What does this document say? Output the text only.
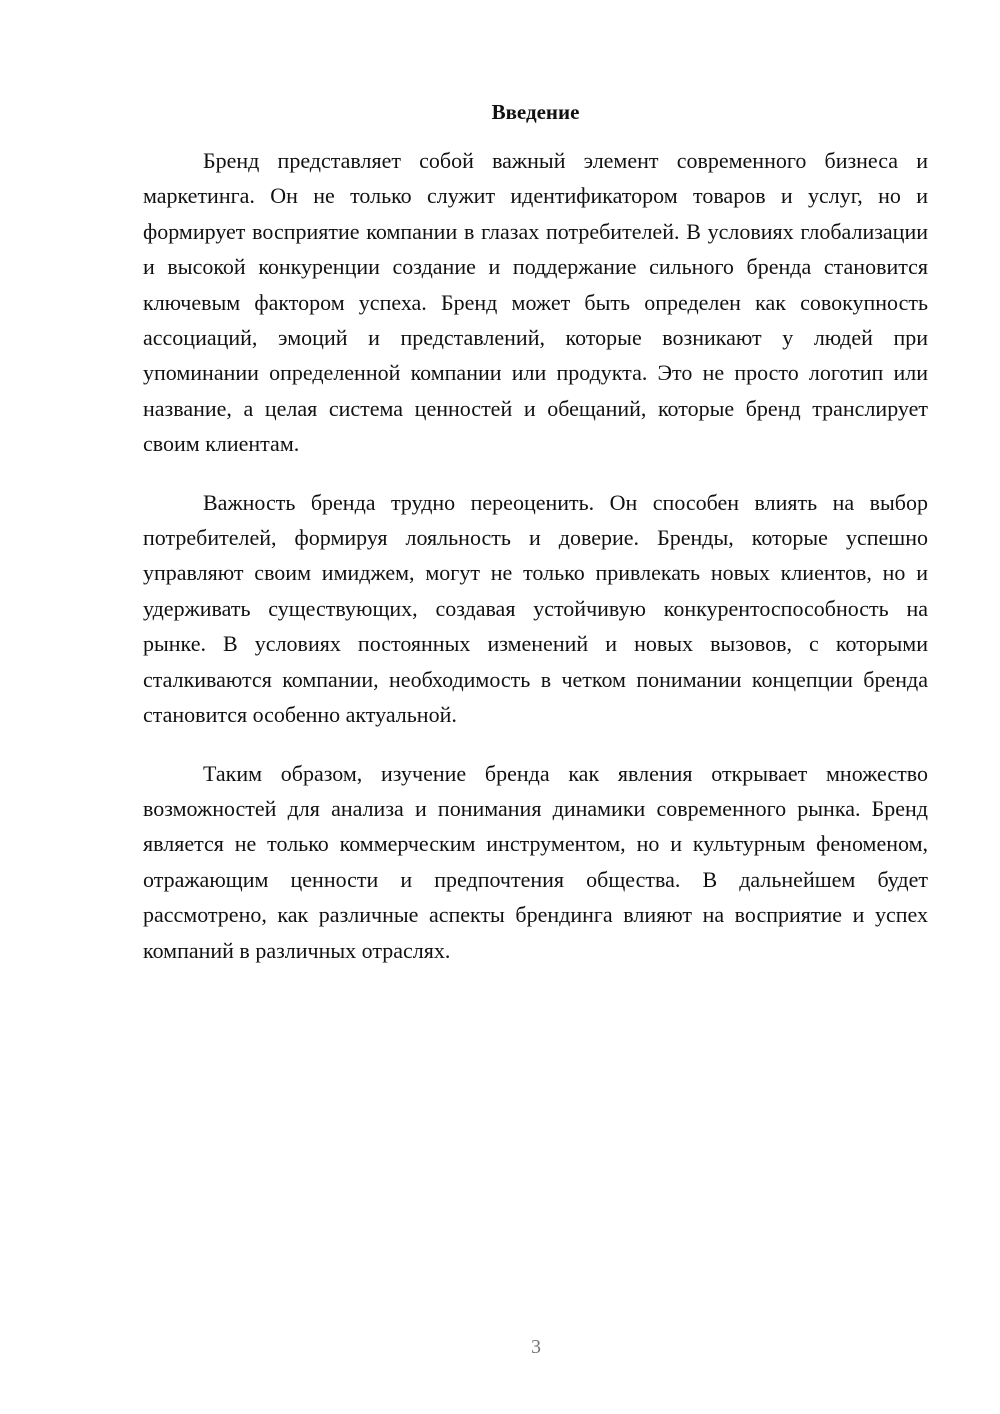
Введение

Бренд представляет собой важный элемент современного бизнеса и маркетинга. Он не только служит идентификатором товаров и услуг, но и формирует восприятие компании в глазах потребителей. В условиях глобализации и высокой конкуренции создание и поддержание сильного бренда становится ключевым фактором успеха. Бренд может быть определен как совокупность ассоциаций, эмоций и представлений, которые возникают у людей при упоминании определенной компании или продукта. Это не просто логотип или название, а целая система ценностей и обещаний, которые бренд транслирует своим клиентам.

Важность бренда трудно переоценить. Он способен влиять на выбор потребителей, формируя лояльность и доверие. Бренды, которые успешно управляют своим имиджем, могут не только привлекать новых клиентов, но и удерживать существующих, создавая устойчивую конкурентоспособность на рынке. В условиях постоянных изменений и новых вызовов, с которыми сталкиваются компании, необходимость в четком понимании концепции бренда становится особенно актуальной.

Таким образом, изучение бренда как явления открывает множество возможностей для анализа и понимания динамики современного рынка. Бренд является не только коммерческим инструментом, но и культурным феноменом, отражающим ценности и предпочтения общества. В дальнейшем будет рассмотрено, как различные аспекты брендинга влияют на восприятие и успех компаний в различных отраслях.

3
